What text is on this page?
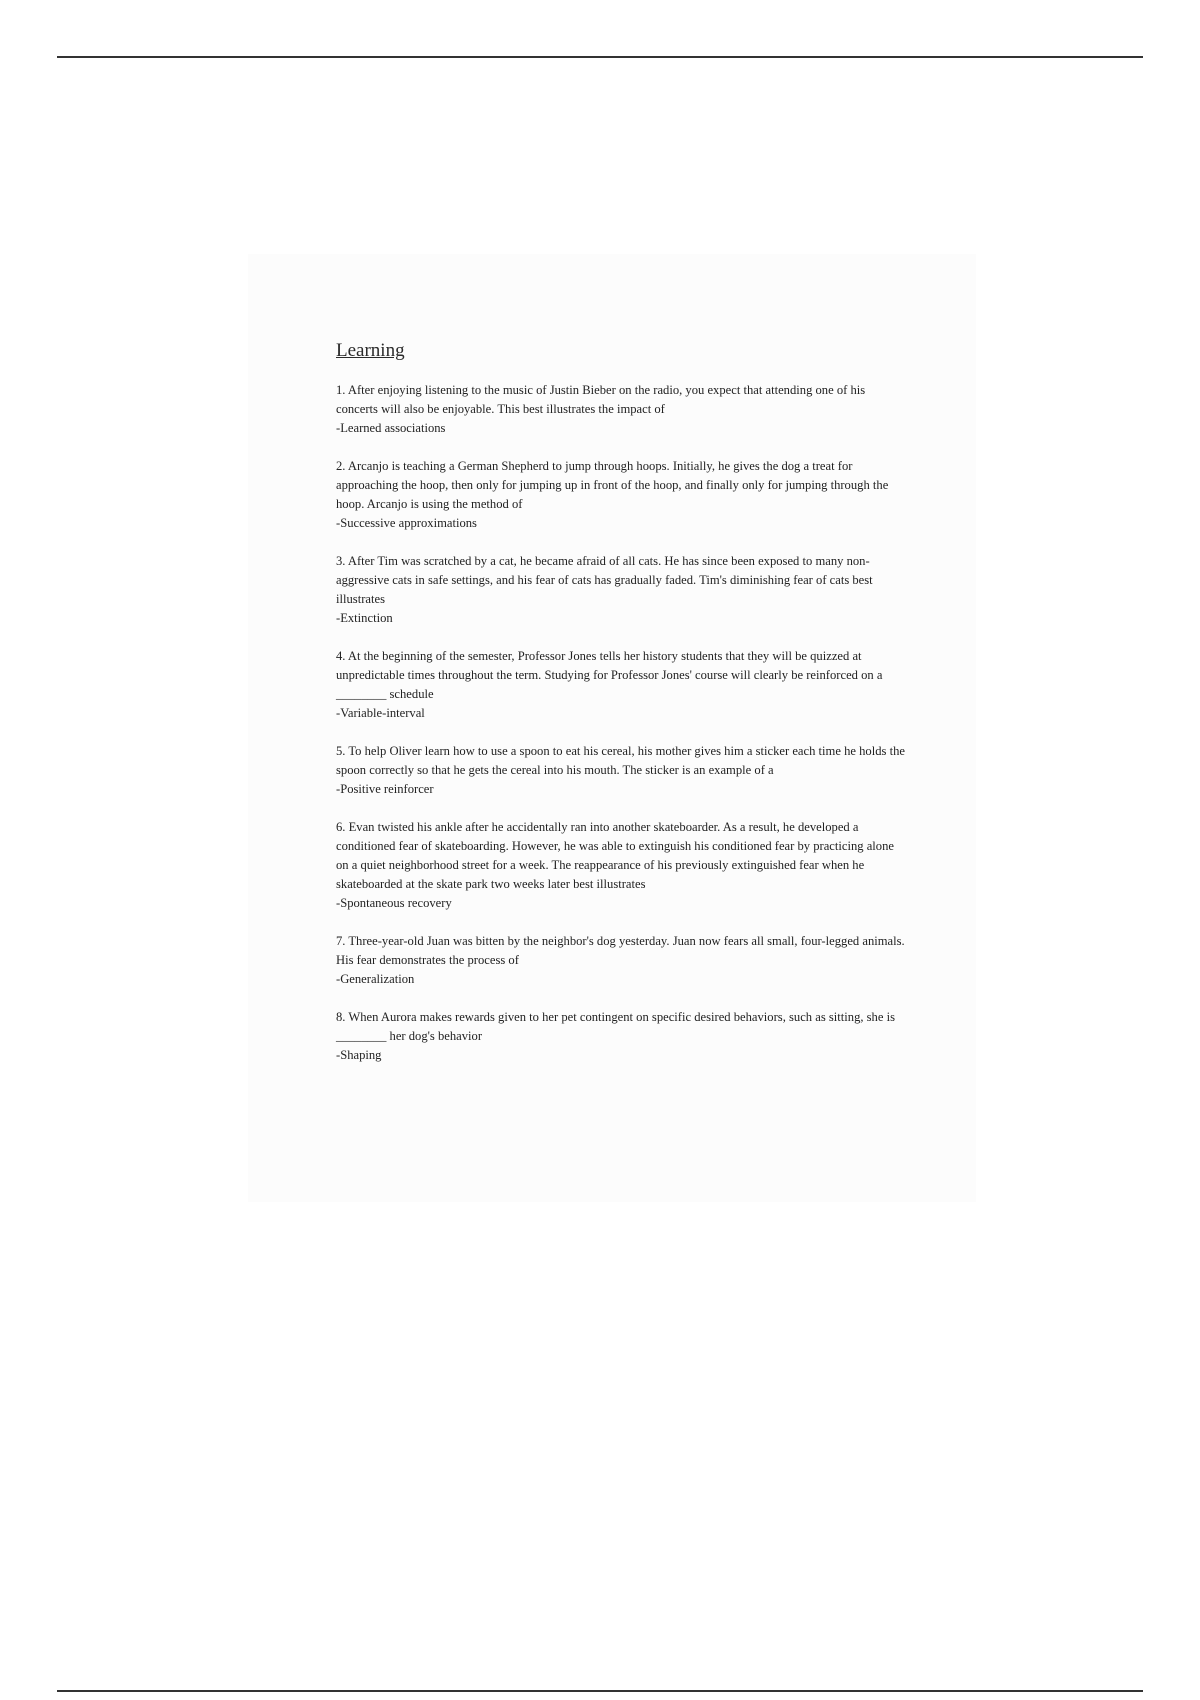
Learning

1. After enjoying listening to the music of Justin Bieber on the radio, you expect that attending one of his concerts will also be enjoyable. This best illustrates the impact of

-Learned associations

2. Arcanjo is teaching a German Shepherd to jump through hoops. Initially, he gives the dog a treat for approaching the hoop, then only for jumping up in front of the hoop, and finally only for jumping through the hoop. Arcanjo is using the method of

-Successive approximations

3. After Tim was scratched by a cat, he became afraid of all cats. He has since been exposed to many non-aggressive cats in safe settings, and his fear of cats has gradually faded. Tim's diminishing fear of cats best illustrates

-Extinction

4. At the beginning of the semester, Professor Jones tells her history students that they will be quizzed at unpredictable times throughout the term. Studying for Professor Jones' course will clearly be reinforced on a ________ schedule

-Variable-interval

5. To help Oliver learn how to use a spoon to eat his cereal, his mother gives him a sticker each time he holds the spoon correctly so that he gets the cereal into his mouth. The sticker is an example of a

-Positive reinforcer

6. Evan twisted his ankle after he accidentally ran into another skateboarder. As a result, he developed a conditioned fear of skateboarding. However, he was able to extinguish his conditioned fear by practicing alone on a quiet neighborhood street for a week. The reappearance of his previously extinguished fear when he skateboarded at the skate park two weeks later best illustrates

-Spontaneous recovery

7. Three-year-old Juan was bitten by the neighbor's dog yesterday. Juan now fears all small, four-legged animals. His fear demonstrates the process of

-Generalization

8. When Aurora makes rewards given to her pet contingent on specific desired behaviors, such as sitting, she is ________ her dog's behavior

-Shaping
